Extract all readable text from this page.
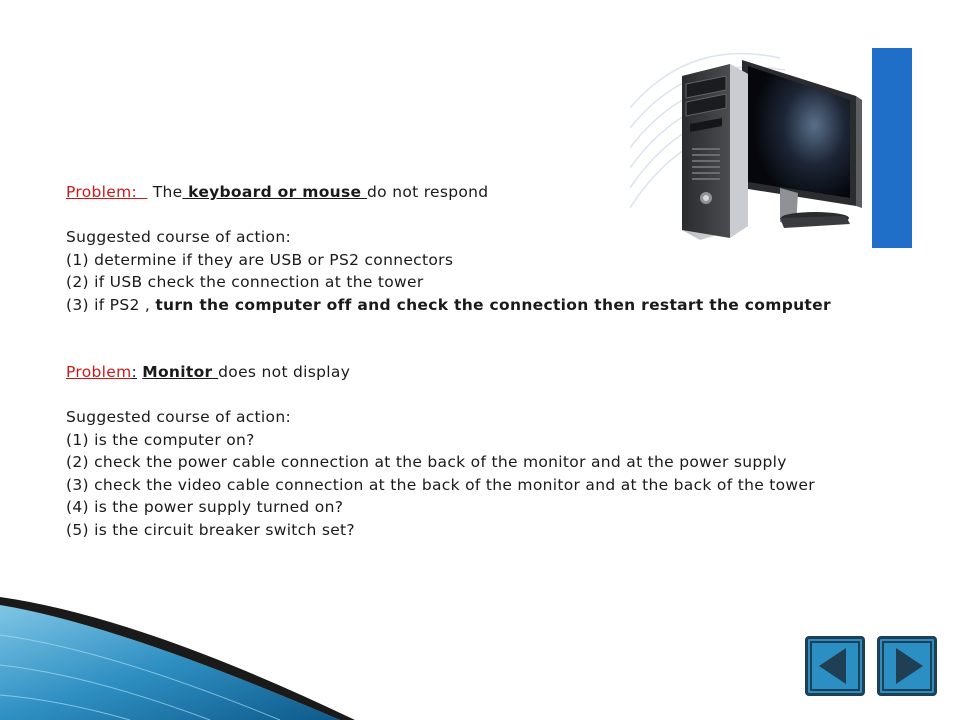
Problem: The keyboard or mouse do not respond
Suggested course of action:
(1) determine if they are USB or PS2 connectors
(2) if USB check the connection at the tower
(3) if PS2 , turn the computer off and check the connection then restart the computer
Problem: Monitor does not display
Suggested course of action:
(1) is the computer on?
(2) check the power cable connection at the back of the monitor and at the power supply
(3) check the video cable connection at the back of the monitor and at the back of the tower
(4) is the power supply turned on?
(5) is the circuit breaker switch set?
